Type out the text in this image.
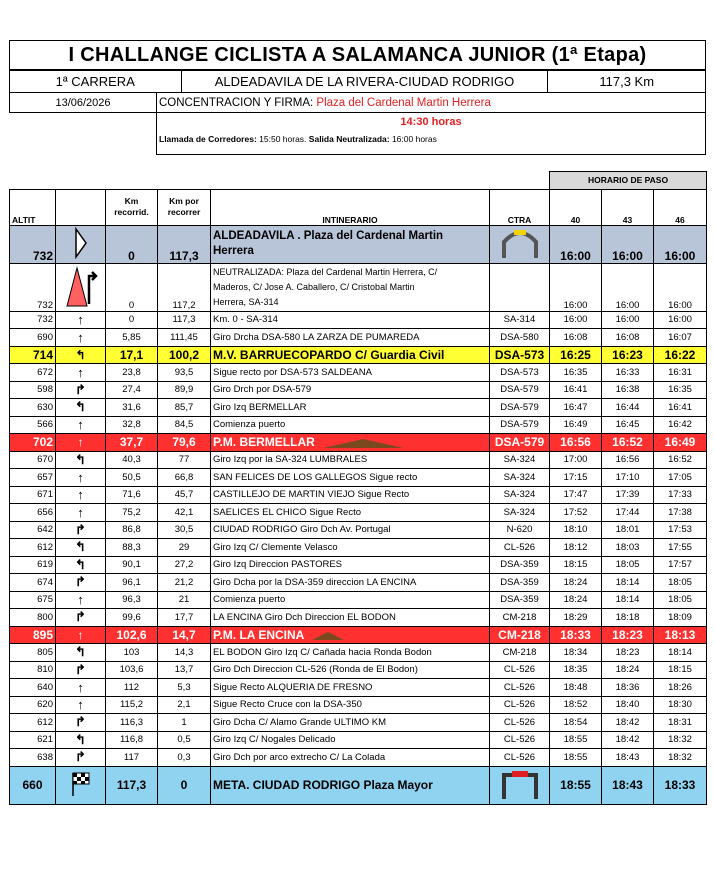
I CHALLANGE CICLISTA A SALAMANCA JUNIOR (1ª Etapa)
1ª CARRERA	ALDEADAVILA DE LA RIVERA-CIUDAD RODRIGO	117,3 Km
13/06/2026	CONCENTRACION Y FIRMA:
Plaza del Cardenal Martin Herrera
14:30 horas
Llamada de Corredores: 15:50 horas. Salida Neutralizada: 16:00 horas
						HORARIO DE PASO		
ALTIT		Km recorrid.	Km por recorrer	INTINERARIO	CTRA	40	43	46
732		0	117,3	ALDEADAVILA . Plaza del Cardenal Martin Herrera		16:00	16:00	16:00
732		0	117,2	NEUTRALIZADA: Plaza del Cardenal Martin Herrera, C/
Maderos, C/ Jose A. Caballero, C/ Cristobal Martin
Herrera, SA-314		16:00	16:00	16:00
732	↑	0	117,3	Km. 0 - SA-314	SA-314	16:00	16:00	16:00
690	↑	5,85	111,45	Giro Drcha DSA-580 LA ZARZA DE PUMAREDA	DSA-580	16:08	16:08	16:07
714	↰	17,1	100,2	M.V. BARRUECOPARDO C/ Guardia Civil	DSA-573	16:25	16:23	16:22
672	↑	23,8	93,5	Sigue recto por DSA-573 SALDEANA	DSA-573	16:35	16:33	16:31
598	↱	27,4	89,9	Giro Drch por DSA-579	DSA-579	16:41	16:38	16:35
630	↰	31,6	85,7	Giro Izq BERMELLAR	DSA-579	16:47	16:44	16:41
566	↑	32,8	84,5	Comienza puerto	DSA-579	16:49	16:45	16:42
702	↑	37,7	79,6	P.M. BERMELLAR	DSA-579	16:56	16:52	16:49
670	↰	40,3	77	Giro Izq por la SA-324 LUMBRALES	SA-324	17:00	16:56	16:52
657	↑	50,5	66,8	SAN FELICES DE LOS GALLEGOS Sigue recto	SA-324	17:15	17:10	17:05
671	↑	71,6	45,7	CASTILLEJO DE MARTIN VIEJO Sigue Recto	SA-324	17:47	17:39	17:33
656	↑	75,2	42,1	SAELICES EL CHICO Sigue Recto	SA-324	17:52	17:44	17:38
642	↱	86,8	30,5	CIUDAD RODRIGO Giro Dch Av. Portugal	N-620	18:10	18:01	17:53
612	↰	88,3	29	Giro Izq C/ Clemente Velasco	CL-526	18:12	18:03	17:55
619	↰	90,1	27,2	Giro Izq Direccion PASTORES	DSA-359	18:15	18:05	17:57
674	↱	96,1	21,2	Giro Dcha por la DSA-359 direccion LA ENCINA	DSA-359	18:24	18:14	18:05
675	↑	96,3	21	Comienza puerto	DSA-359	18:24	18:14	18:05
800	↱	99,6	17,7	LA ENCINA Giro Dch Direccion EL BODON	CM-218	18:29	18:18	18:09
895	↑	102,6	14,7	P.M. LA ENCINA	CM-218	18:33	18:23	18:13
805	↰	103	14,3	EL BODON Giro Izq C/ Cañada hacia Ronda Bodon	CM-218	18:34	18:23	18:14
810	↱	103,6	13,7	Giro Dch Direccion CL-526 (Ronda de El Bodon)	CL-526	18:35	18:24	18:15
640	↑	112	5,3	Sigue Recto ALQUERIA DE FRESNO	CL-526	18:48	18:36	18:26
620	↑	115,2	2,1	Sigue Recto Cruce con la DSA-350	CL-526	18:52	18:40	18:30
612	↱	116,3	1	Giro Dcha C/ Alamo Grande ULTIMO KM	CL-526	18:54	18:42	18:31
621	↰	116,8	0,5	Giro Izq C/ Nogales Delicado	CL-526	18:55	18:42	18:32
638	↱	117	0,3	Giro Dch por arco extrecho C/ La Colada	CL-526	18:55	18:43	18:32
660		117,3	0	META. CIUDAD RODRIGO Plaza Mayor		18:55	18:43	18:33
